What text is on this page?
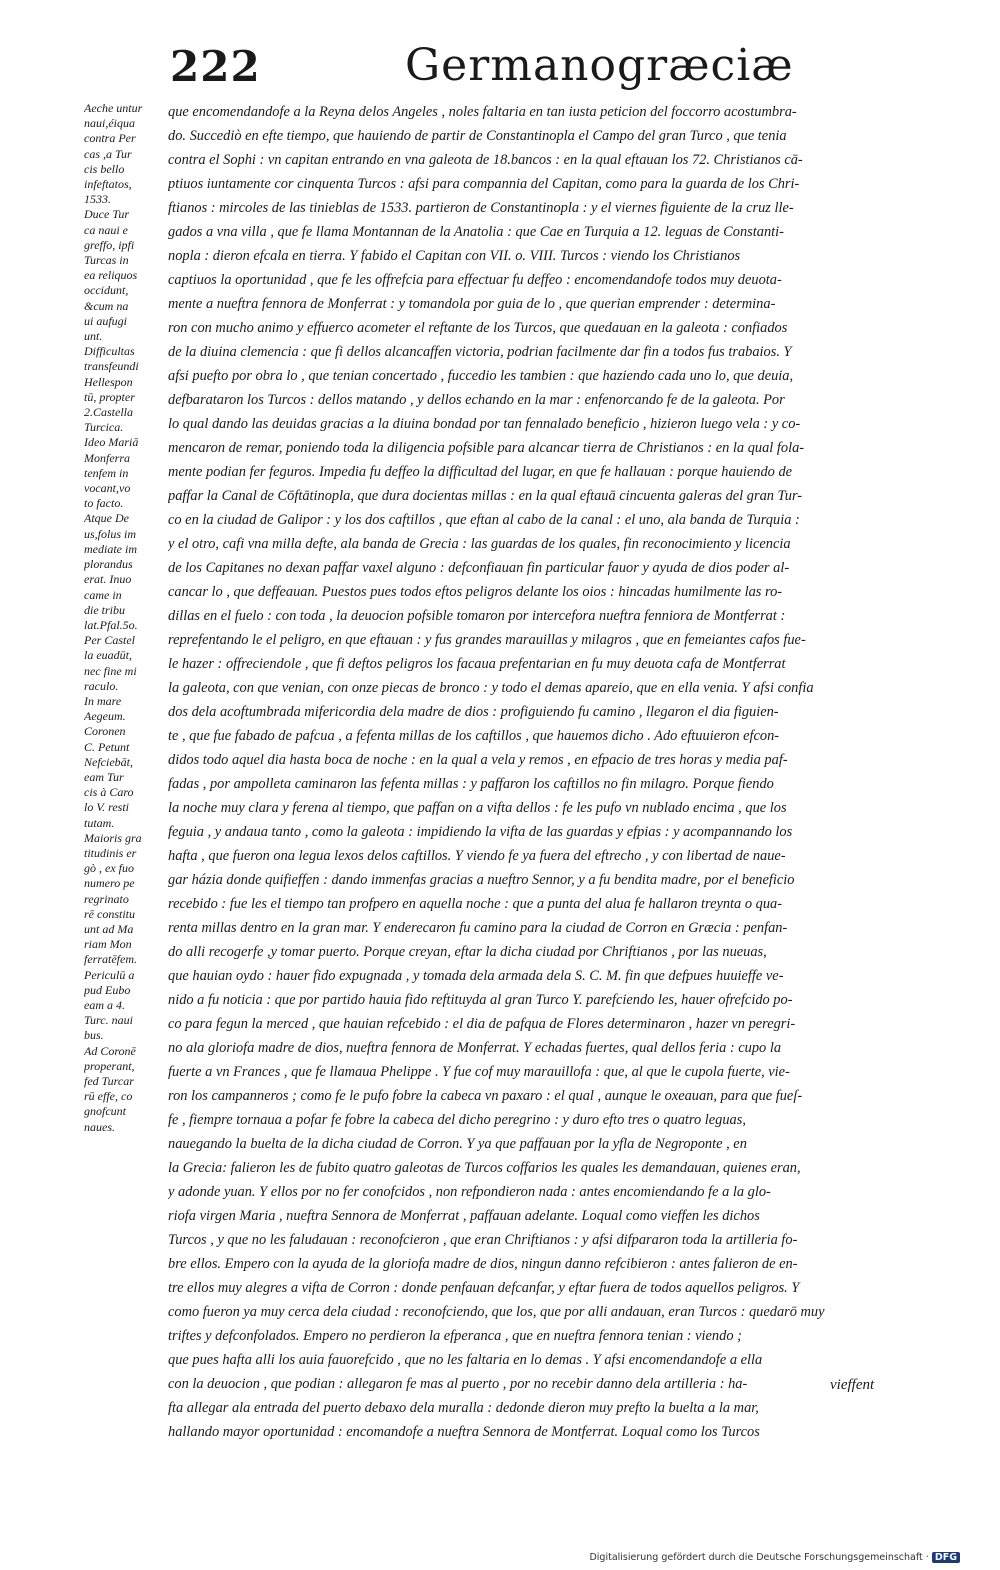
222	Germanogræciæ
Aeche untur
naui,éiqua
contra Per
cas ,a Tur
cis bello
infeftatos,
1533.
Duce Tur
ca naui e
greffo, ipfi
Turcas in
ea reliquos
occidunt,
&cum na
ui aufugi
unt.
Difficultas
transfeundi
Hellespon
tū, propter
2.Castella
Turcica.
Ideo Mariā
Monferra
tenfem in
vocant,vo
to facto.
Atque De
us,folus im
mediate im
plorandus
erat. Inuo
came in
die tribu
lat.Pfal.5o.
Per Castel
la euadūt,
nec fine mi
raculo.
In mare
Aegeum.
Coronen
C. Petunt
Nefciebāt,
eam Tur
cis à Caro
lo V. resti
tutam.
Maioris gra
titudinis er
gò , ex fuo
numero pe
regrinato
rē constitu
unt ad Ma
riam Mon
ferratēfem.
Periculū a
pud Eubo
eam a 4.
Turc. naui
bus.
Ad Coronē
properant,
fed Turcar
rū effe, co
gnofcunt
naues.
que encomendandofe a la Reyna delos Angeles , noles faltaria en tan iusta peticion del foccorro acostumbra-
do. Succediò en efte tiempo, que hauiendo de partir de Constantinopla el Campo del gran Turco , que tenia
contra el Sophi : vn capitan entrando en vna galeota de 18.bancos : en la qual eftauan los 72. Christianos cā-
ptiuos iuntamente cor cinquenta Turcos : afsi para compannia del Capitan, como para la guarda de los Chri-
ftianos : mircoles de las tinieblas de 1533. partieron de Constantinopla : y el viernes figuiente de la cruz lle-
gados a vna villa , que fe llama Montannan de la Anatolia : que Cae en Turquia a 12. leguas de Constanti-
nopla : dieron efcala en tierra. Y fabido el Capitan con VII. o. VIII. Turcos : viendo los Christianos
captiuos la oportunidad , que fe les offrefcia para effectuar fu deffeo : encomendandofe todos muy deuota-
mente a nueftra fennora de Monferrat : y tomandola por guia de lo , que querian emprender : determina-
ron con mucho animo y effuerco acometer el reftante de los Turcos, que quedauan en la galeota : confiados
de la diuina clemencia : que fi dellos alcancaffen victoria, podrian facilmente dar fin a todos fus trabaios. Y
afsi puefto por obra lo , que tenian concertado , fuccedio les tambien : que haziendo cada uno lo, que deuia,
defbarataron los Turcos : dellos matando , y dellos echando en la mar : enfenorcando fe de la galeota. Por
lo qual dando las deuidas gracias a la diuina bondad por tan fennalado beneficio , hizieron luego vela : y co-
mencaron de remar, poniendo toda la diligencia pofsible para alcancar tierra de Christianos : en la qual fola-
mente podian fer feguros. Impedia fu deffeo la difficultad del lugar, en que fe hallauan : porque hauiendo de
paffar la Canal de Cōftātinopla, que dura docientas millas : en la qual eftauā cincuenta galeras del gran Tur-
co en la ciudad de Galipor : y los dos caftillos , que eftan al cabo de la canal : el uno, ala banda de Turquia :
y el otro, cafi vna milla defte, ala banda de Grecia : las guardas de los quales, fin reconocimiento y licencia
de los Capitanes no dexan paffar vaxel alguno : defconfiauan fin particular fauor y ayuda de dios poder al-
cancar lo , que deffeauan. Puestos pues todos eftos peligros delante los oios : hincadas humilmente las ro-
dillas en el fuelo : con toda , la deuocion pofsible tomaron por intercefora nueftra fenniora de Montferrat :
reprefentando le el peligro, en que eftauan : y fus grandes marauillas y milagros , que en femeiantes cafos fue-
le hazer : offreciendole , que fi deftos peligros los facaua prefentarian en fu muy deuota cafa de Montferrat
la galeota, con que venian, con onze piecas de bronco : y todo el demas apareio, que en ella venia. Y afsi confia
dos dela acoftumbrada mifericordia dela madre de dios : profiguiendo fu camino , llegaron el dia figuien-
te , que fue fabado de pafcua , a fefenta millas de los caftillos , que hauemos dicho . Ado eftuuieron efcon-
didos todo aquel dia hasta boca de noche : en la qual a vela y remos , en efpacio de tres horas y media paf-
fadas , por ampolleta caminaron las fefenta millas : y paffaron los caftillos no fin milagro. Porque fiendo
la noche muy clara y ferena al tiempo, que paffan on a vifta dellos : fe les pufo vn nublado encima , que los
feguia , y andaua tanto , como la galeota : impidiendo la vifta de las guardas y efpias : y acompannando los
hafta , que fueron ona legua lexos delos caftillos. Y viendo fe ya fuera del eftrecho , y con libertad de naue-
gar házia donde quifieffen : dando immenfas gracias a nueftro Sennor, y a fu bendita madre, por el beneficio
recebido : fue les el tiempo tan profpero en aquella noche : que a punta del alua fe hallaron treynta o qua-
renta millas dentro en la gran mar. Y enderecaron fu camino para la ciudad de Corron en Græcia : penfan-
do alli recogerfe ,y tomar puerto. Porque creyan, eftar la dicha ciudad por Chriftianos , por las nueuas,
que hauian oydo : hauer fido expugnada , y tomada dela armada dela S. C. M. fin que defpues huuieffe ve-
nido a fu noticia : que por partido hauia fido reftituyda al gran Turco Y. parefciendo les, hauer ofrefcido po-
co para fegun la merced , que hauian refcebido : el dia de pafqua de Flores determinaron , hazer vn peregri-
no ala gloriofa madre de dios, nueftra fennora de Monferrat. Y echadas fuertes, qual dellos feria : cupo la
fuerte a vn Frances , que fe llamaua Phelippe . Y fue cof muy marauillofa : que, al que le cupola fuerte, vie-
ron los campanneros ; como fe le pufo fobre la cabeca vn paxaro : el qual , aunque le oxeauan, para que fueſ-
fe , fiempre tornaua a pofar fe fobre la cabeca del dicho peregrino : y duro efto tres o quatro leguas,
nauegando la buelta de la dicha ciudad de Corron. Y ya que paffauan por la yfla de Negroponte , en
la Grecia: falieron les de fubito quatro galeotas de Turcos coffarios les quales les demandauan, quienes eran,
y adonde yuan. Y ellos por no fer conofcidos , non refpondieron nada : antes encomiendando fe a la glo-
riofa virgen Maria , nueftra Sennora de Monferrat , paffauan adelante. Loqual como vieffen les dichos
Turcos , y que no les faludauan : reconofcieron , que eran Chriftianos : y afsi difpararon toda la artilleria fo-
bre ellos. Empero con la ayuda de la gloriofa madre de dios, ningun danno refcibieron : antes falieron de en-
tre ellos muy alegres a vifta de Corron : donde penfauan defcanfar, y eftar fuera de todos aquellos peligros. Y
como fueron ya muy cerca dela ciudad : reconofciendo, que los, que por alli andauan, eran Turcos : quedarō muy
triftes y defconfolados. Empero no perdieron la efperanca , que en nueftra fennora tenian : viendo ;
que pues hafta alli los auia fauorefcido , que no les faltaria en lo demas . Y afsi encomendandofe a ella
con la deuocion , que podian : allegaron fe mas al puerto , por no recebir danno dela artilleria : ha-
fta allegar ala entrada del puerto debaxo dela muralla : dedonde dieron muy prefto la buelta a la mar,
hallando mayor oportunidad : encomandofe a nueftra Sennora de Montferrat. Loqual como los Turcos
vieffent
Digitalisierung gefördert durch die Deutsche Forschungsgemeinschaft · DFG
